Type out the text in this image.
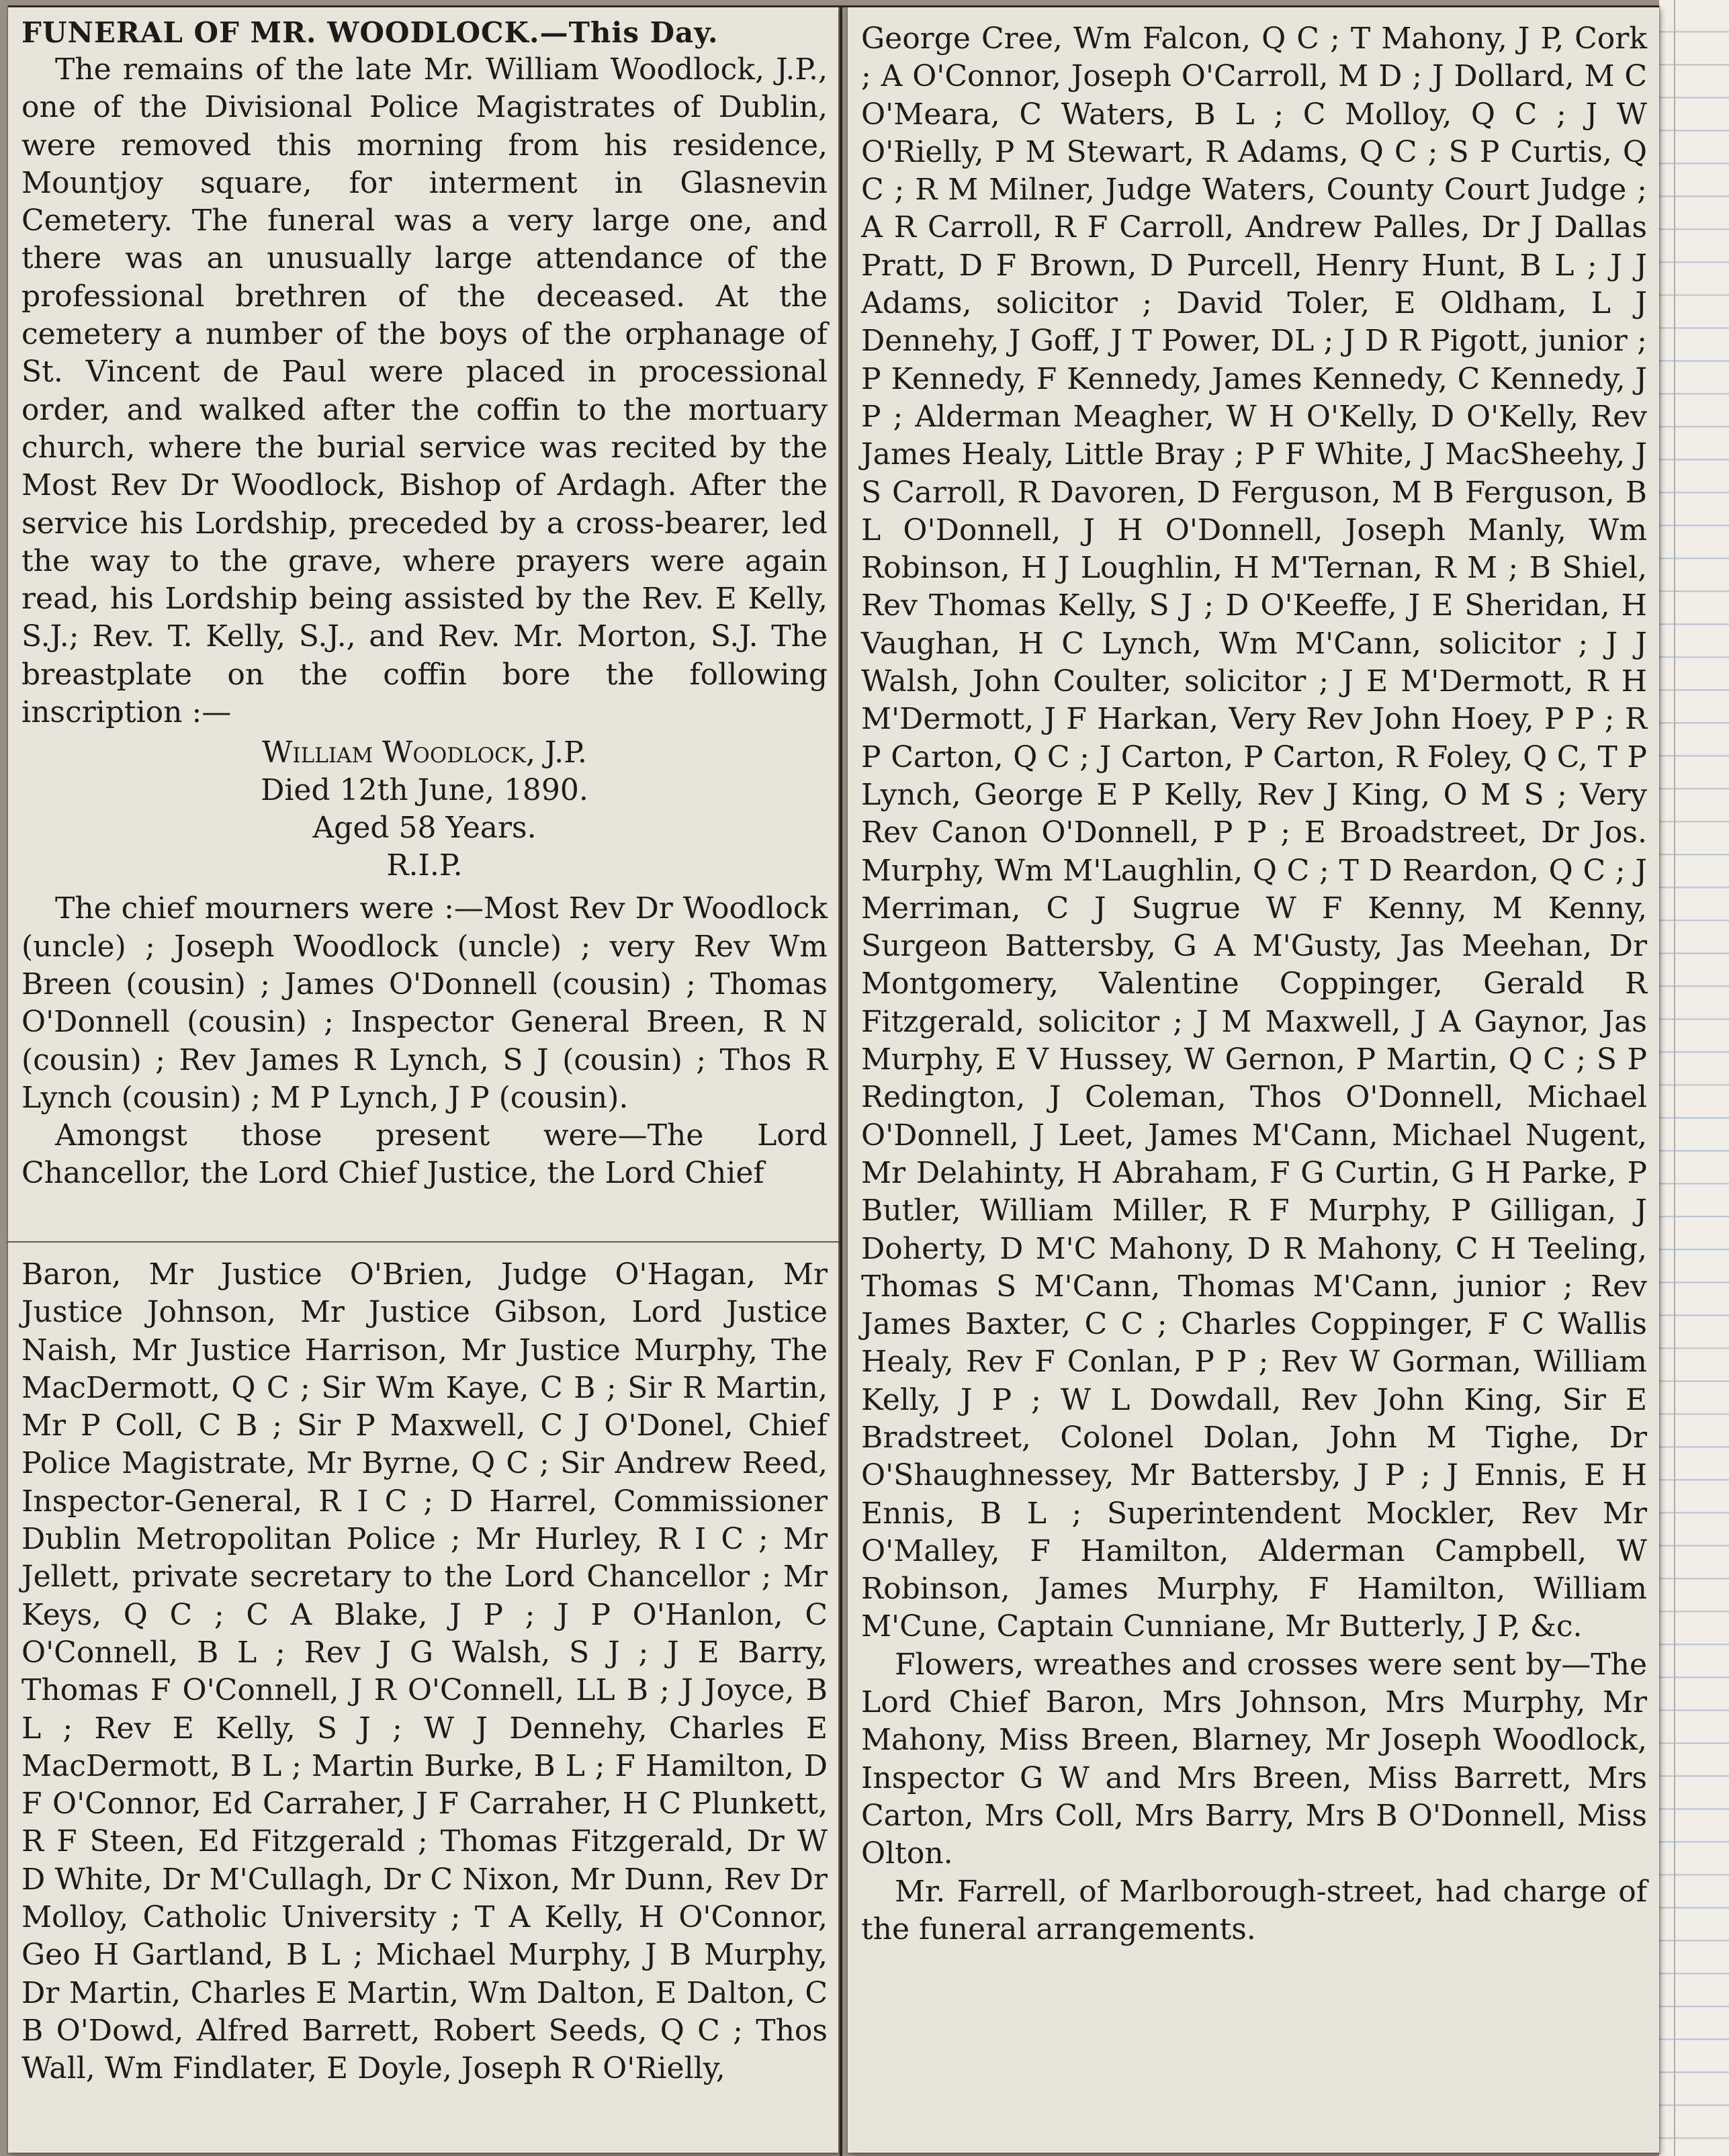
FUNERAL OF MR. WOODLOCK.—This Day.

The remains of the late Mr. William Woodlock, J.P., one of the Divisional Police Magistrates of Dublin, were removed this morning from his residence, Mountjoy square, for interment in Glasnevin Cemetery. The funeral was a very large one, and there was an unusually large attendance of the professional brethren of the deceased. At the cemetery a number of the boys of the orphanage of St. Vincent de Paul were placed in processional order, and walked after the coffin to the mortuary church, where the burial service was recited by the Most Rev Dr Woodlock, Bishop of Ardagh. After the service his Lordship, preceded by a cross-bearer, led the way to the grave, where prayers were again read, his Lordship being assisted by the Rev. E Kelly, S.J.; Rev. T. Kelly, S.J., and Rev. Mr. Morton, S.J. The breastplate on the coffin bore the following inscription :—

William Woodlock, J.P.
Died 12th June, 1890.
Aged 58 Years.
R.I.P.

The chief mourners were :—Most Rev Dr Woodlock (uncle) ; Joseph Woodlock (uncle) ; very Rev Wm Breen (cousin) ; James O'Donnell (cousin) ; Thomas O'Donnell (cousin) ; Inspector General Breen, R N (cousin) ; Rev James R Lynch, S J (cousin) ; Thos R Lynch (cousin) ; M P Lynch, J P (cousin).

Amongst those present were—The Lord Chancellor, the Lord Chief Justice, the Lord Chief

Baron, Mr Justice O'Brien, Judge O'Hagan, Mr Justice Johnson, Mr Justice Gibson, Lord Justice Naish, Mr Justice Harrison, Mr Justice Murphy, The MacDermott, Q C ; Sir Wm Kaye, C B ; Sir R Martin, Mr P Coll, C B ; Sir P Maxwell, C J O'Donel, Chief Police Magistrate, Mr Byrne, Q C ; Sir Andrew Reed, Inspector-General, R I C ; D Harrel, Commissioner Dublin Metropolitan Police ; Mr Hurley, R I C ; Mr Jellett, private secretary to the Lord Chancellor ; Mr Keys, Q C ; C A Blake, J P ; J P O'Hanlon, C O'Connell, B L ; Rev J G Walsh, S J ; J E Barry, Thomas F O'Connell, J R O'Connell, LL B ; J Joyce, B L ; Rev E Kelly, S J ; W J Dennehy, Charles E MacDermott, B L ; Martin Burke, B L ; F Hamilton, D F O'Connor, Ed Carraher, J F Carraher, H C Plunkett, R F Steen, Ed Fitzgerald ; Thomas Fitzgerald, Dr W D White, Dr M'Cullagh, Dr C Nixon, Mr Dunn, Rev Dr Molloy, Catholic University ; T A Kelly, H O'Connor, Geo H Gartland, B L ; Michael Murphy, J B Murphy, Dr Martin, Charles E Martin, Wm Dalton, E Dalton, C B O'Dowd, Alfred Barrett, Robert Seeds, Q C ; Thos Wall, Wm Findlater, E Doyle, Joseph R O'Rielly,

George Cree, Wm Falcon, Q C ; T Mahony, J P, Cork ; A O'Connor, Joseph O'Carroll, M D ; J Dollard, M C O'Meara, C Waters, B L ; C Molloy, Q C ; J W O'Rielly, P M Stewart, R Adams, Q C ; S P Curtis, Q C ; R M Milner, Judge Waters, County Court Judge ; A R Carroll, R F Carroll, Andrew Palles, Dr J Dallas Pratt, D F Brown, D Purcell, Henry Hunt, B L ; J J Adams, solicitor ; David Toler, E Oldham, L J Dennehy, J Goff, J T Power, DL ; J D R Pigott, junior ; P Kennedy, F Kennedy, James Kennedy, C Kennedy, J P ; Alderman Meagher, W H O'Kelly, D O'Kelly, Rev James Healy, Little Bray ; P F White, J MacSheehy, J S Carroll, R Davoren, D Ferguson, M B Ferguson, B L O'Donnell, J H O'Donnell, Joseph Manly, Wm Robinson, H J Loughlin, H M'Ternan, R M ; B Shiel, Rev Thomas Kelly, S J ; D O'Keeffe, J E Sheridan, H Vaughan, H C Lynch, Wm M'Cann, solicitor ; J J Walsh, John Coulter, solicitor ; J E M'Dermott, R H M'Dermott, J F Harkan, Very Rev John Hoey, P P ; R P Carton, Q C ; J Carton, P Carton, R Foley, Q C, T P Lynch, George E P Kelly, Rev J King, O M S ; Very Rev Canon O'Donnell, P P ; E Broadstreet, Dr Jos. Murphy, Wm M'Laughlin, Q C ; T D Reardon, Q C ; J Merriman, C J Sugrue W F Kenny, M Kenny, Surgeon Battersby, G A M'Gusty, Jas Meehan, Dr Montgomery, Valentine Coppinger, Gerald R Fitzgerald, solicitor ; J M Maxwell, J A Gaynor, Jas Murphy, E V Hussey, W Gernon, P Martin, Q C ; S P Redington, J Coleman, Thos O'Donnell, Michael O'Donnell, J Leet, James M'Cann, Michael Nugent, Mr Delahinty, H Abraham, F G Curtin, G H Parke, P Butler, William Miller, R F Murphy, P Gilligan, J Doherty, D M'C Mahony, D R Mahony, C H Teeling, Thomas S M'Cann, Thomas M'Cann, junior ; Rev James Baxter, C C ; Charles Coppinger, F C Wallis Healy, Rev F Conlan, P P ; Rev W Gorman, William Kelly, J P ; W L Dowdall, Rev John King, Sir E Bradstreet, Colonel Dolan, John M Tighe, Dr O'Shaughnessey, Mr Battersby, J P ; J Ennis, E H Ennis, B L ; Superintendent Mockler, Rev Mr O'Malley, F Hamilton, Alderman Campbell, W Robinson, James Murphy, F Hamilton, William M'Cune, Captain Cunniane, Mr Butterly, J P, &c.

Flowers, wreathes and crosses were sent by—The Lord Chief Baron, Mrs Johnson, Mrs Murphy, Mr Mahony, Miss Breen, Blarney, Mr Joseph Woodlock, Inspector G W and Mrs Breen, Miss Barrett, Mrs Carton, Mrs Coll, Mrs Barry, Mrs B O'Donnell, Miss Olton.

Mr. Farrell, of Marlborough-street, had charge of the funeral arrangements.
